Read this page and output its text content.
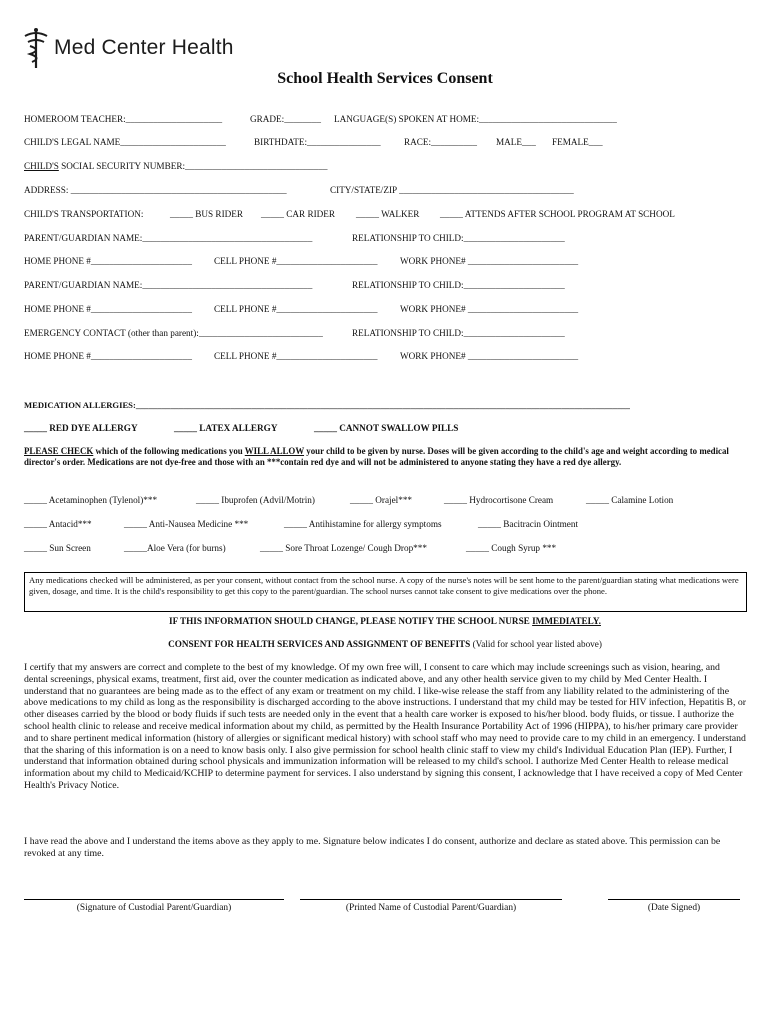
Med Center Health
School Health Services Consent
HOMEROOM TEACHER:_____________________	GRADE:________ LANGUAGE(S) SPOKEN AT HOME:______________________________
CHILD'S LEGAL NAME_______________________	BIRTHDATE:________________	RACE:__________ MALE___ FEMALE___
CHILD'S SOCIAL SECURITY NUMBER:_______________________________
ADDRESS: _______________________________________________	CITY/STATE/ZIP ______________________________________
CHILD'S TRANSPORTATION:	_____ BUS RIDER _____ CAR RIDER _____ WALKER _____ ATTENDS AFTER SCHOOL PROGRAM AT SCHOOL
PARENT/GUARDIAN NAME:_____________________________________	RELATIONSHIP TO CHILD:______________________
HOME PHONE #______________________ CELL PHONE #______________________ WORK PHONE# ________________________
PARENT/GUARDIAN NAME:_____________________________________	RELATIONSHIP TO CHILD:______________________
HOME PHONE #______________________ CELL PHONE #______________________ WORK PHONE# ________________________
EMERGENCY CONTACT (other than parent):___________________________	RELATIONSHIP TO CHILD:______________________
HOME PHONE #______________________ CELL PHONE #______________________ WORK PHONE# ________________________
MEDICATION ALLERGIES:___________________________________________________________________________________________________________________
_____ RED DYE ALLERGY	_____ LATEX ALLERGY	_____ CANNOT SWALLOW PILLS
PLEASE CHECK which of the following medications you WILL ALLOW your child to be given by nurse. Doses will be given according to the child's age and weight according to medical director's order. Medications are not dye-free and those with an ***contain red dye and will not be administered to anyone stating they have a red dye allergy.
_____ Acetaminophen (Tylenol)***	_____ Ibuprofen (Advil/Motrin)	_____ Orajel***	_____ Hydrocortisone Cream	_____ Calamine Lotion
_____ Antacid***	_____ Anti-Nausea Medicine ***	_____ Antihistamine for allergy symptoms	_____ Bacitracin Ointment
_____ Sun Screen	_____Aloe Vera (for burns)	_____ Sore Throat Lozenge/ Cough Drop***	_____ Cough Syrup ***
Any medications checked will be administered, as per your consent, without contact from the school nurse. A copy of the nurse's notes will be sent home to the parent/guardian stating what medications were given, dosage, and time. It is the child's responsibility to get this copy to the parent/guardian. The school nurses cannot take consent to give medications over the phone.
IF THIS INFORMATION SHOULD CHANGE, PLEASE NOTIFY THE SCHOOL NURSE IMMEDIATELY.
CONSENT FOR HEALTH SERVICES AND ASSIGNMENT OF BENEFITS (Valid for school year listed above)
I certify that my answers are correct and complete to the best of my knowledge. Of my own free will, I consent to care which may include screenings such as vision, hearing, and dental screenings, physical exams, treatment, first aid, over the counter medication as indicated above, and any other health service given to my child by Med Center Health. I understand that no guarantees are being made as to the effect of any exam or treatment on my child. I like-wise release the staff from any liability related to the administering of the above medications to my child as long as the responsibility is discharged according to the above instructions. I understand that my child may be tested for HIV infection, Hepatitis B, or other diseases carried by the blood or body fluids if such tests are needed only in the event that a health care worker is exposed to his/her blood. body fluids, or tissue. I authorize the school health clinic to release and receive medical information about my child, as permitted by the Health Insurance Portability Act of 1996 (HIPPA), to his/her primary care provider and to share pertinent medical information (history of allergies or significant medical history) with school staff who may need to provide care to my child in an emergency. I understand that the sharing of this information is on a need to know basis only. I also give permission for school health clinic staff to view my child's Individual Education Plan (IEP). Further, I understand that information obtained during school physicals and immunization information will be released to my child's school. I authorize Med Center Health to release medical information about my child to Medicaid/KCHIP to determine payment for services. I also understand by signing this consent, I acknowledge that I have received a copy of Med Center Health's Privacy Notice.
I have read the above and I understand the items above as they apply to me. Signature below indicates I do consent, authorize and declare as stated above. This permission can be revoked at any time.
(Signature of Custodial Parent/Guardian)	(Printed Name of Custodial Parent/Guardian)	(Date Signed)
